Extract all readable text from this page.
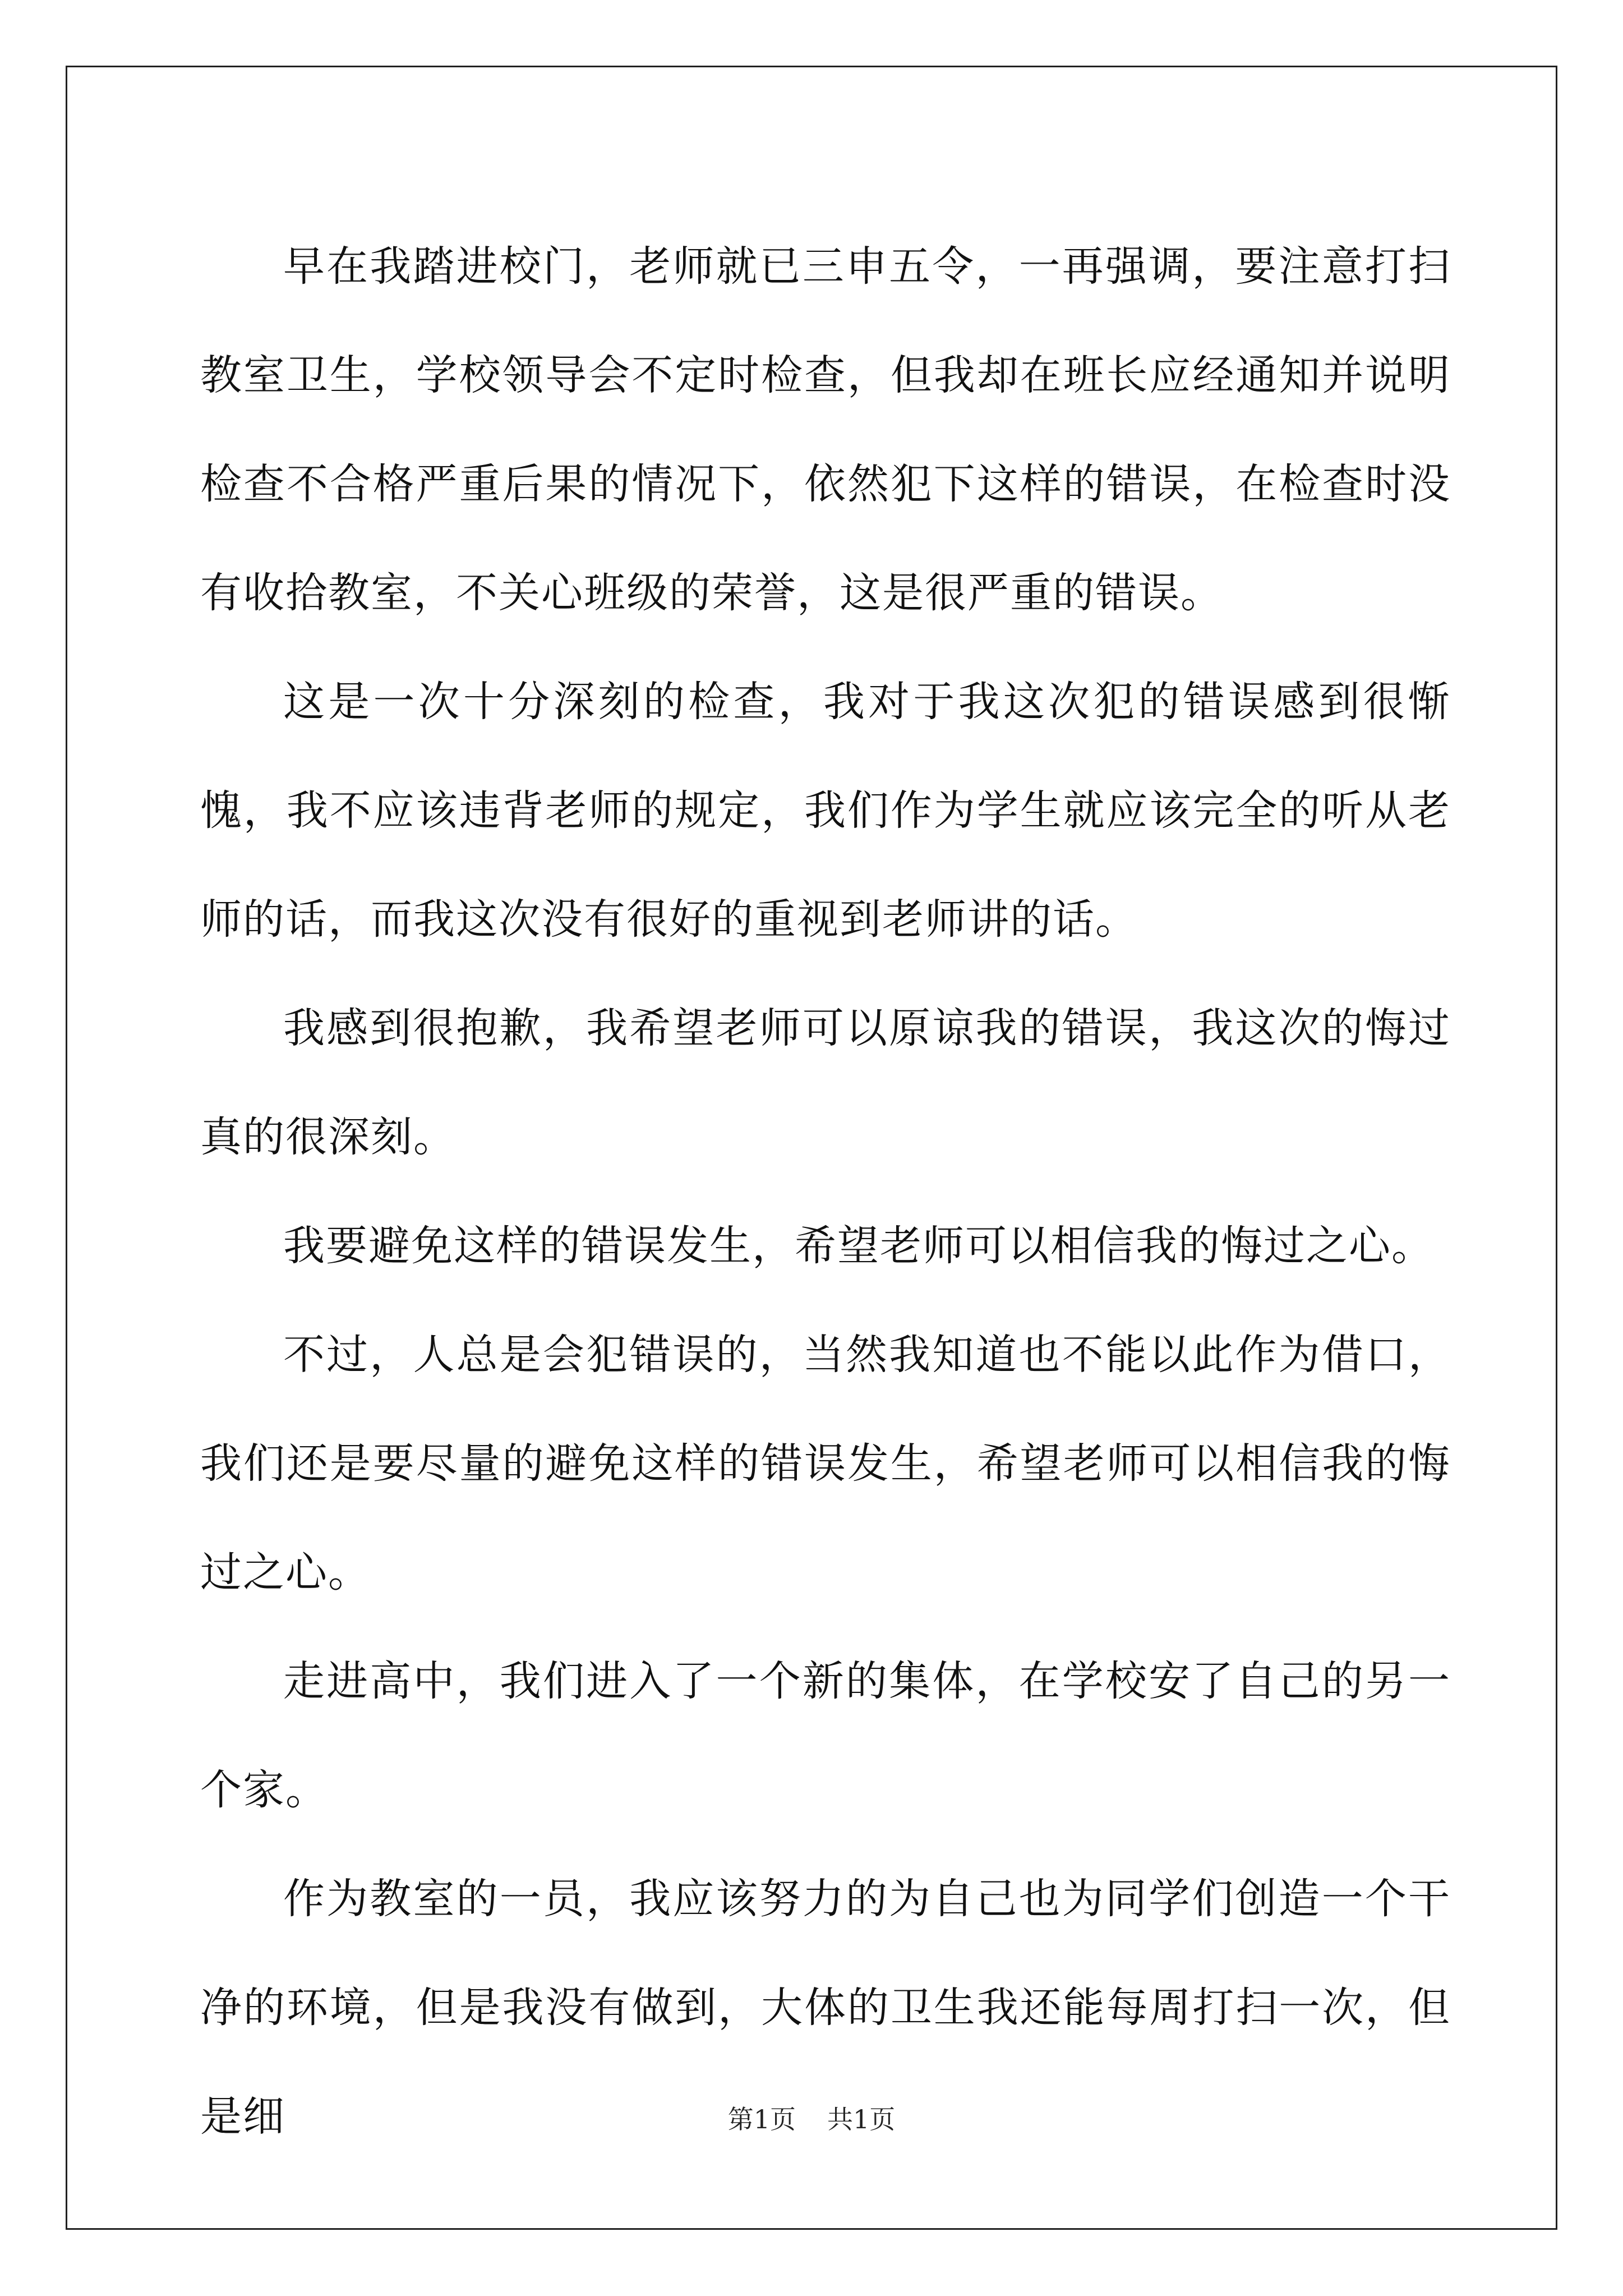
早在我踏进校门，老师就已三申五令，一再强调，要注意打扫教室卫生，学校领导会不定时检查，但我却在班长应经通知并说明检查不合格严重后果的情况下，依然犯下这样的错误，在检查时没有收拾教室，不关心班级的荣誉，这是很严重的错误。

这是一次十分深刻的检查，我对于我这次犯的错误感到很惭愧，我不应该违背老师的规定，我们作为学生就应该完全的听从老师的话，而我这次没有很好的重视到老师讲的话。

我感到很抱歉，我希望老师可以原谅我的错误，我这次的悔过真的很深刻。

我要避免这样的错误发生，希望老师可以相信我的悔过之心。

不过，人总是会犯错误的，当然我知道也不能以此作为借口，我们还是要尽量的避免这样的错误发生，希望老师可以相信我的悔过之心。

走进高中，我们进入了一个新的集体，在学校安了自己的另一个家。

作为教室的一员，我应该努力的为自己也为同学们创造一个干净的环境，但是我没有做到，大体的卫生我还能每周打扫一次，但是细	第1页 共1页
